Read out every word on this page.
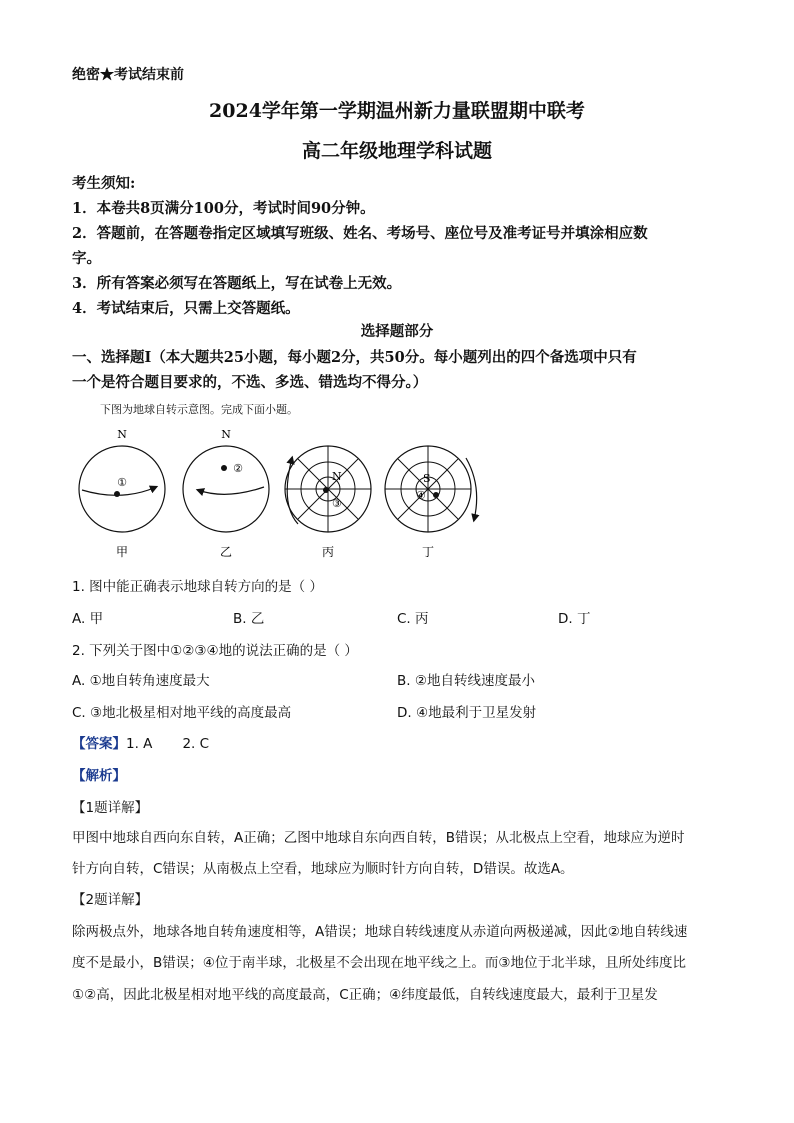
绝密★考试结束前
2024学年第一学期温州新力量联盟期中联考
高二年级地理学科试题
考生须知:
1．本卷共8页满分100分，考试时间90分钟。
2．答题前，在答题卷指定区域填写班级、姓名、考场号、座位号及准考证号并填涂相应数
字。
3．所有答案必须写在答题纸上，写在试卷上无效。
4．考试结束后，只需上交答题纸。
选择题部分
一、选择题Ⅰ（本大题共25小题，每小题2分，共50分。每小题列出的四个备选项中只有
一个是符合题目要求的，不选、多选、错选均不得分。）
下图为地球自转示意图。完成下面小题。
N
①
N
②
N
③
S
④
甲	乙	丙	丁
1. 图中能正确表示地球自转方向的是（ ）
A. 甲	B. 乙	C. 丙	D. 丁
2. 下列关于图中①②③④地的说法正确的是（ ）
A. ①地自转角速度最大	B. ②地自转线速度最小
C. ③地北极星相对地平线的高度最高	D. ④地最利于卫星发射
【答案】1. A       2. C
【解析】
【1题详解】
甲图中地球自西向东自转，A正确；乙图中地球自东向西自转，B错误；从北极点上空看，地球应为逆时
针方向自转，C错误；从南极点上空看，地球应为顺时针方向自转，D错误。故选A。
【2题详解】
除两极点外，地球各地自转角速度相等，A错误；地球自转线速度从赤道向两极递减，因此②地自转线速
度不是最小，B错误；④位于南半球，北极星不会出现在地平线之上。而③地位于北半球，且所处纬度比
①②高，因此北极星相对地平线的高度最高，C正确；④纬度最低，自转线速度最大，最利于卫星发
